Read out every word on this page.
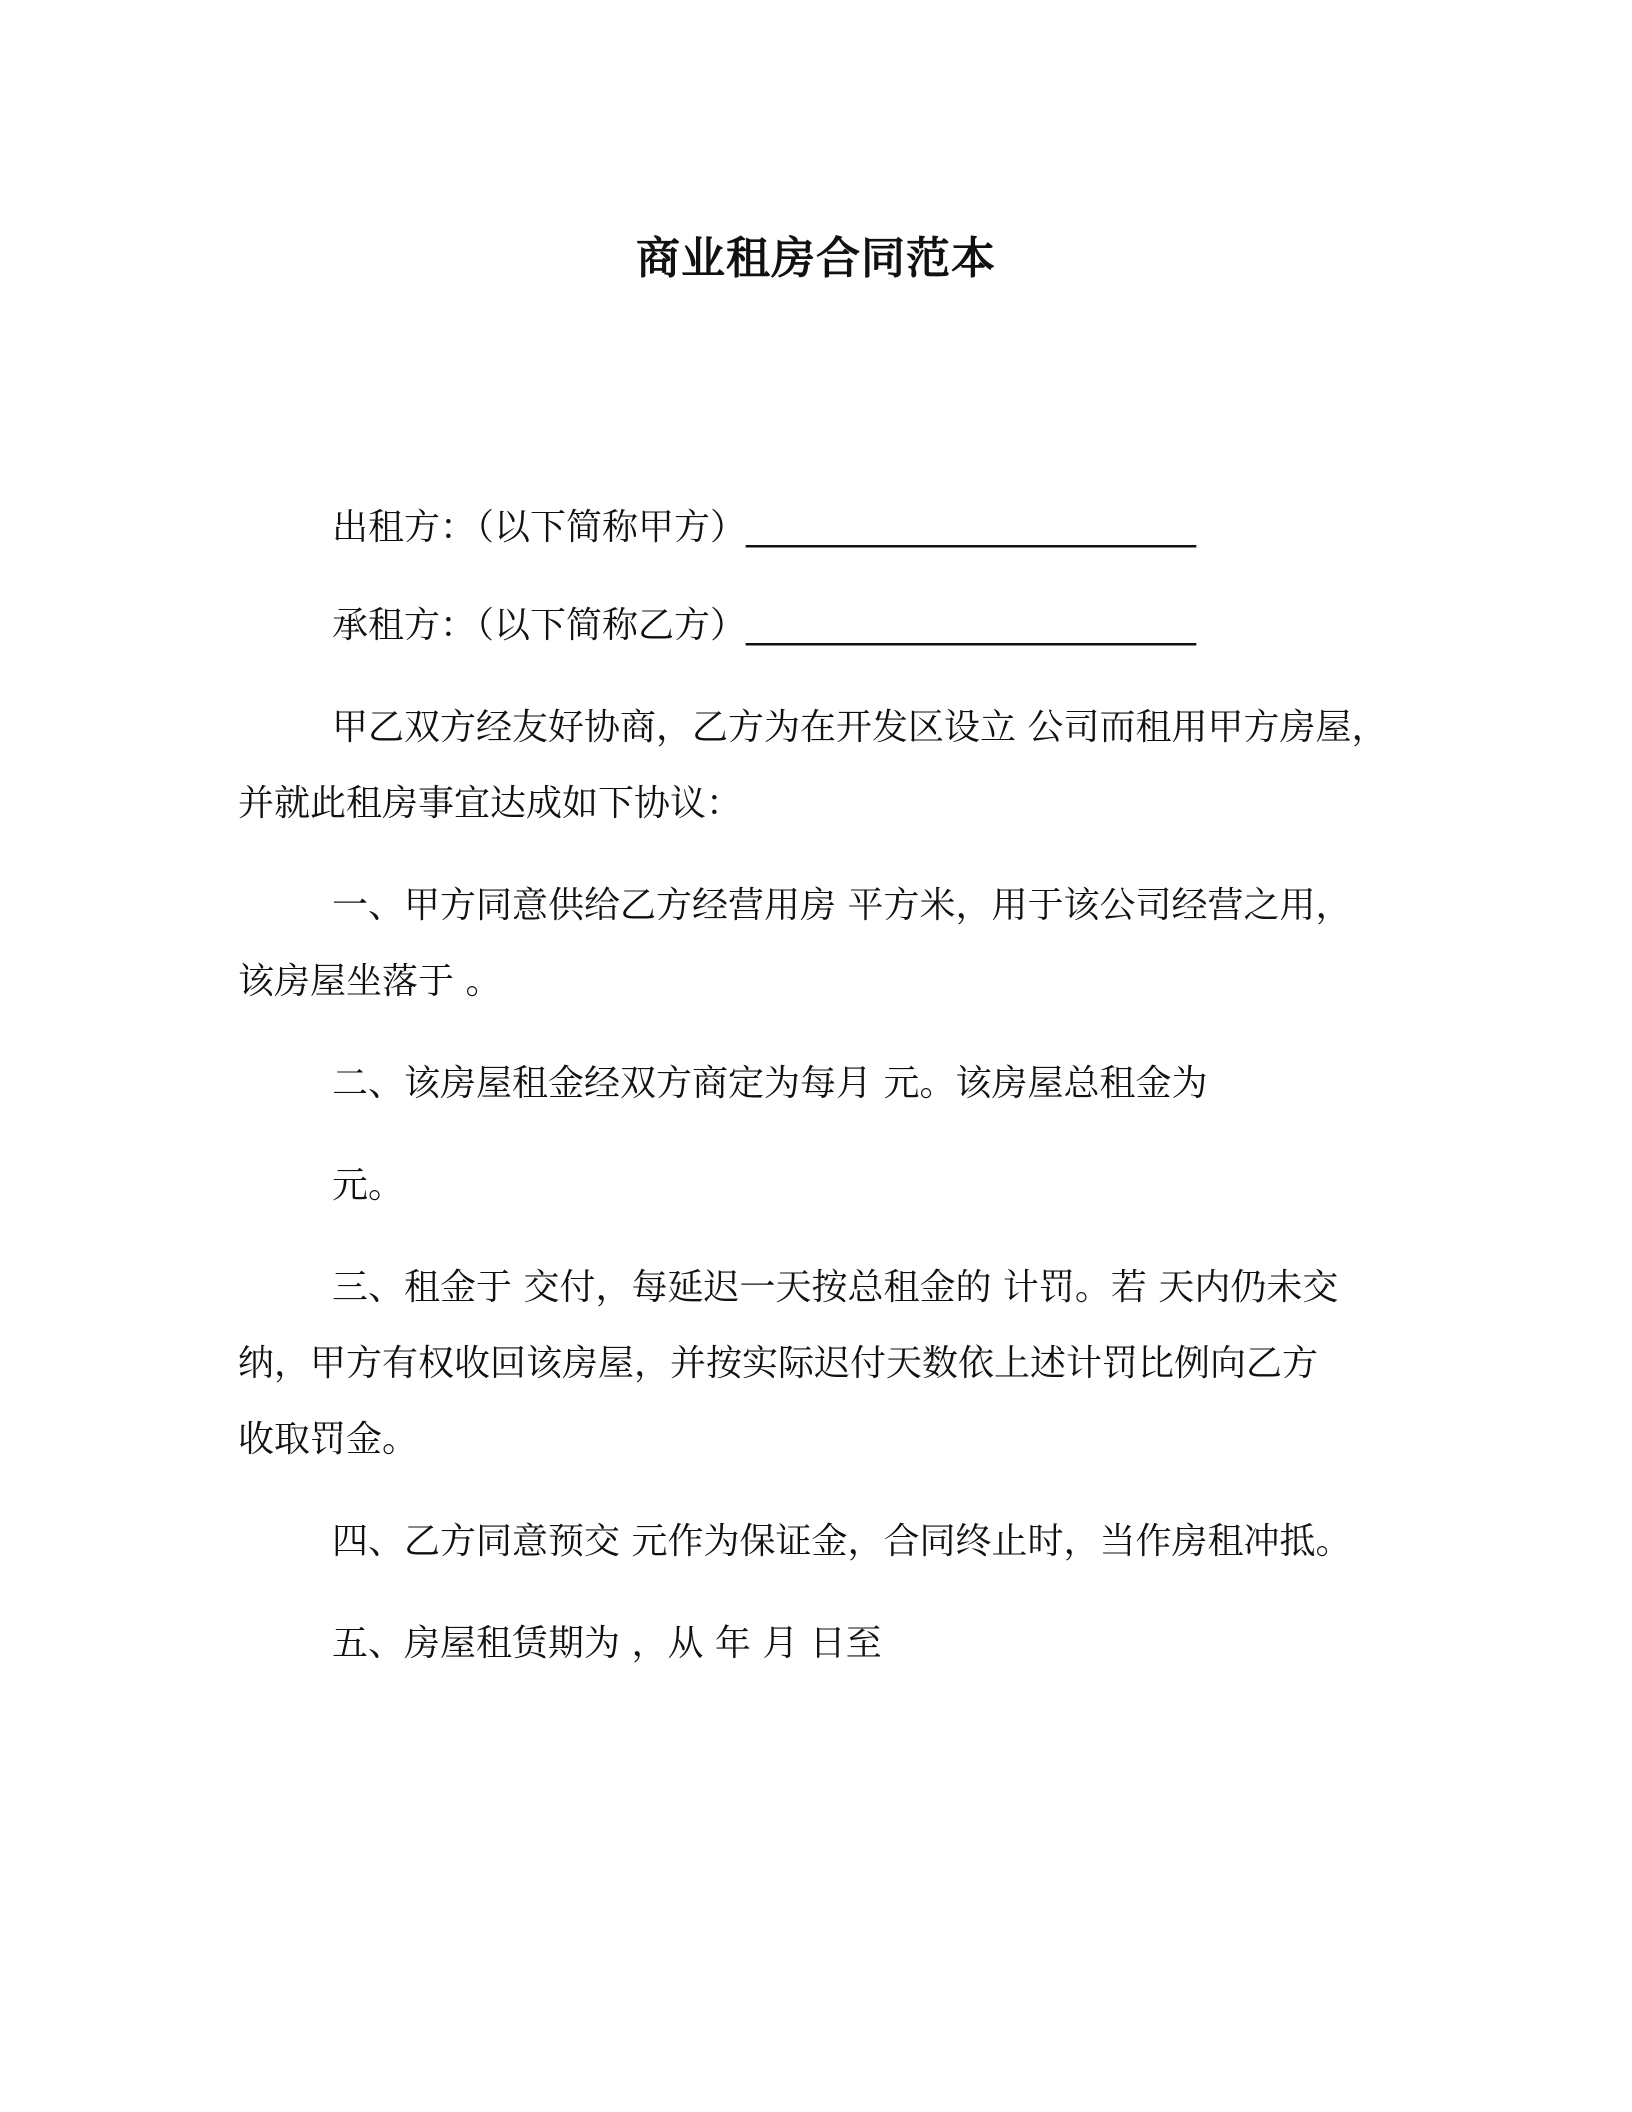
商业租房合同范本

出租方：（以下简称甲方）_________________________

承租方：（以下简称乙方）_________________________

甲乙双方经友好协商，乙方为在开发区设立 公司而租用甲方房屋，

并就此租房事宜达成如下协议：

一、甲方同意供给乙方经营用房 平方米，用于该公司经营之用，

该房屋坐落于 。

二、该房屋租金经双方商定为每月 元。该房屋总租金为

元。

三、租金于 交付，每延迟一天按总租金的 计罚。若 天内仍未交

纳，甲方有权收回该房屋，并按实际迟付天数依上述计罚比例向乙方

收取罚金。

四、乙方同意预交 元作为保证金，合同终止时，当作房租冲抵。

五、房屋租赁期为 ，从 年 月 日至
